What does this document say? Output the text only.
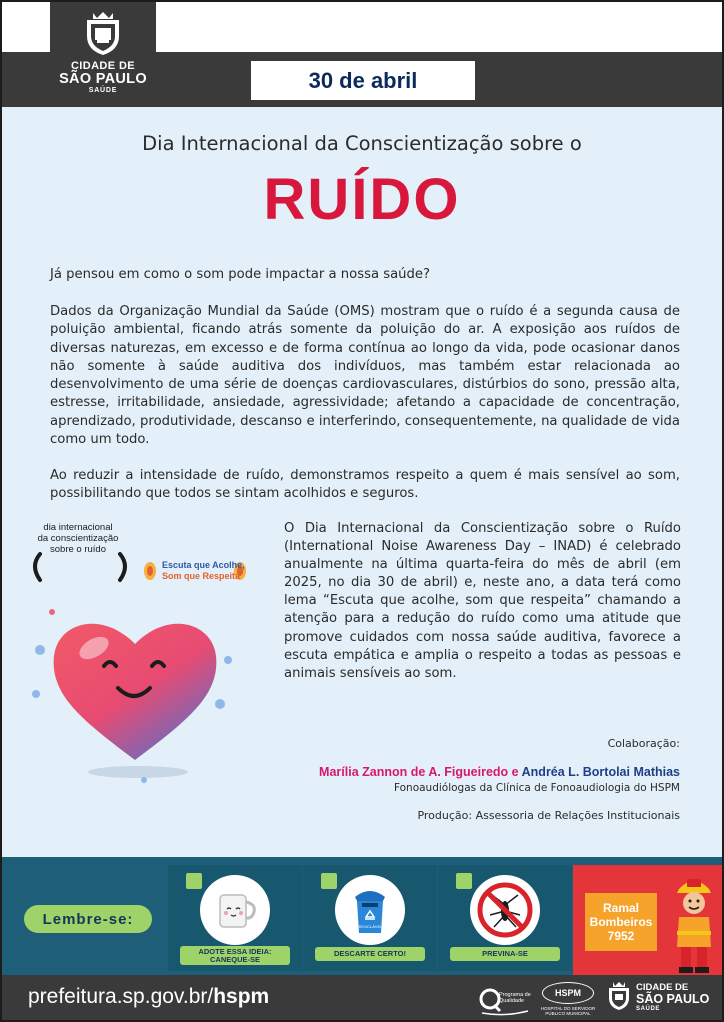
CIDADE DE
SÃO PAULO
SAÚDE	30 de abril
Dia Internacional da Conscientização sobre o
RUÍDO

Já pensou em como o som pode impactar a nossa saúde?

Dados da Organização Mundial da Saúde (OMS) mostram que o ruído é a segunda causa de poluição ambiental, ficando atrás somente da poluição do ar. A exposição aos ruídos de diversas naturezas, em excesso e de forma contínua ao longo da vida, pode ocasionar danos não somente à saúde auditiva dos indivíduos, mas também estar relacionada ao desenvolvimento de uma série de doenças cardiovasculares, distúrbios do sono, pressão alta, estresse, irritabilidade, ansiedade, agressividade; afetando a capacidade de concentração, aprendizado, produtividade, descanso e interferindo, consequentemente, na qualidade de vida como um todo.

Ao reduzir a intensidade de ruído, demonstramos respeito a quem é mais sensível ao som, possibilitando que todos se sintam acolhidos e seguros.

dia internacional
da conscientização
sobre o ruído
Escuta que Acolhe,
Som que Respeita

O Dia Internacional da Conscientização sobre o Ruído (International Noise Awareness Day – INAD) é celebrado anualmente na última quarta-feira do mês de abril (em 2025, no dia 30 de abril) e, neste ano, a data terá como lema “Escuta que acolhe, som que respeita” chamando a atenção para a redução do ruído como uma atitude que promove cuidados com nossa saúde auditiva, favorece a escuta empática e amplia o respeito a todas as pessoas e animais sensíveis ao som.

Colaboração:
Marília Zannon de A. Figueiredo e Andréa L. Bortolai Mathias
Fonoaudiólogas da Clínica de Fonoaudiologia do HSPM
Produção: Assessoria de Relações Institucionais
Lembre-se:
ADOTE ESSA IDEIA:
CANEQUE-SE
RECICLÁVEL
DESCARTE CERTO!	PREVINA-SE
Ramal
Bombeiros
7952
prefeitura.sp.gov.br/hspm	Programa de
Qualidade
HSPM
HOSPITAL DO SERVIDOR
PÚBLICO MUNICIPAL
CIDADE DE
SÃO PAULO
SAÚDE
